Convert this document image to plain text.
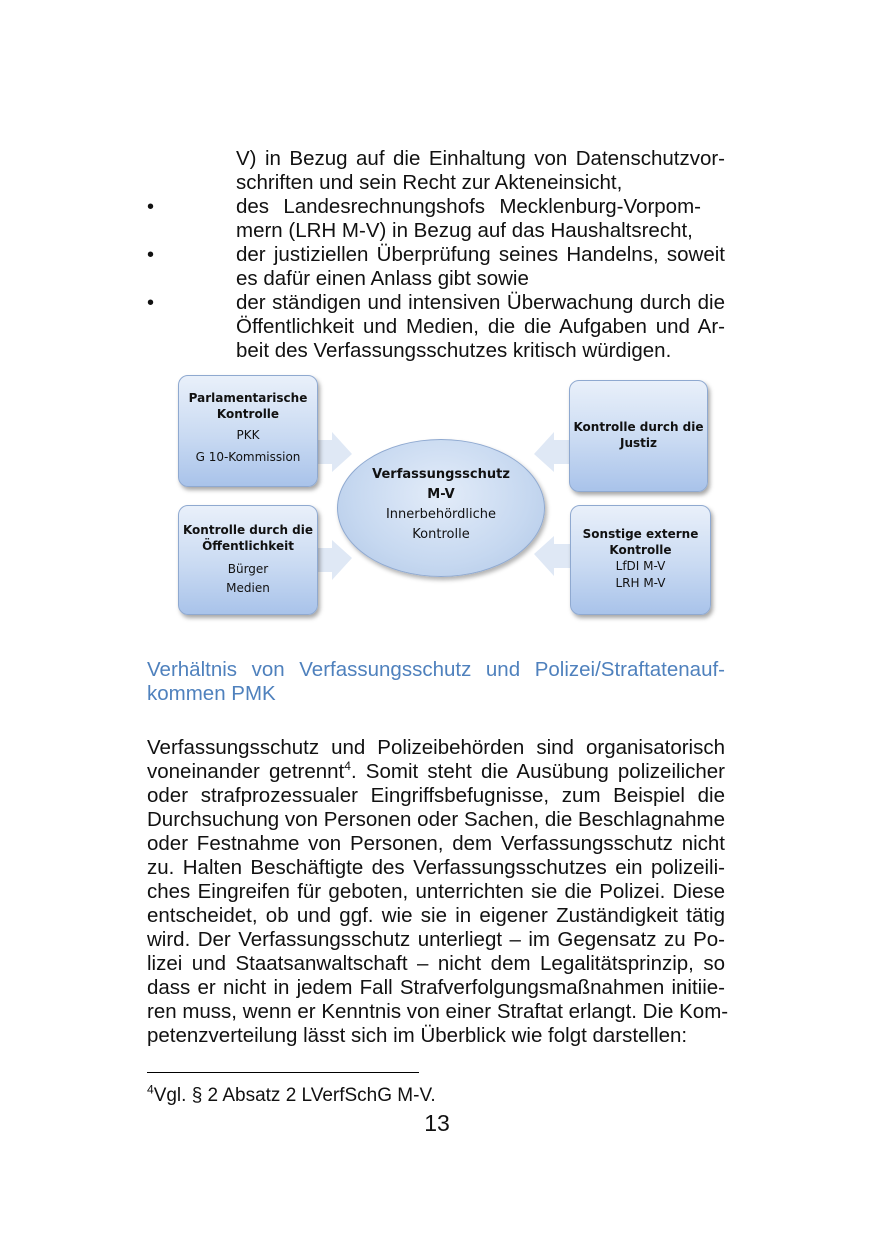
V) in Bezug auf die Einhaltung von Datenschutzvor-
schriften und sein Recht zur Akteneinsicht,
•	des Landesrechnungshofs Mecklenburg-Vorpom-
mern (LRH M-V) in Bezug auf das Haushaltsrecht,
•	der justiziellen Überprüfung seines Handelns, soweit
es dafür einen Anlass gibt sowie
•	der ständigen und intensiven Überwachung durch die
Öffentlichkeit und Medien, die die Aufgaben und Ar-
beit des Verfassungsschutzes kritisch würdigen.
Parlamentarische
Kontrolle
PKK
G 10-Kommission
Kontrolle durch die
Öffentlichkeit
Bürger
Medien
Verfassungsschutz
M-V
Innerbehördliche
Kontrolle
Kontrolle durch die
Justiz
Sonstige externe
Kontrolle
LfDI M-V
LRH M-V
Verhältnis von Verfassungsschutz und Polizei/Straftatenauf-
kommen PMK
Verfassungsschutz und Polizeibehörden sind organisatorisch
voneinander getrennt$^4$. Somit steht die Ausübung polizeilicher
oder strafprozessualer Eingriffsbefugnisse, zum Beispiel die
Durchsuchung von Personen oder Sachen, die Beschlagnahme
oder Festnahme von Personen, dem Verfassungsschutz nicht
zu. Halten Beschäftigte des Verfassungsschutzes ein polizeili-
ches Eingreifen für geboten, unterrichten sie die Polizei. Diese
entscheidet, ob und ggf. wie sie in eigener Zuständigkeit tätig
wird. Der Verfassungsschutz unterliegt – im Gegensatz zu Po-
lizei und Staatsanwaltschaft – nicht dem Legalitätsprinzip, so
dass er nicht in jedem Fall Strafverfolgungsmaßnahmen initiie-
ren muss, wenn er Kenntnis von einer Straftat erlangt. Die Kom-
petenzverteilung lässt sich im Überblick wie folgt darstellen:
$^4$Vgl. § 2 Absatz 2 LVerfSchG M-V.
13
